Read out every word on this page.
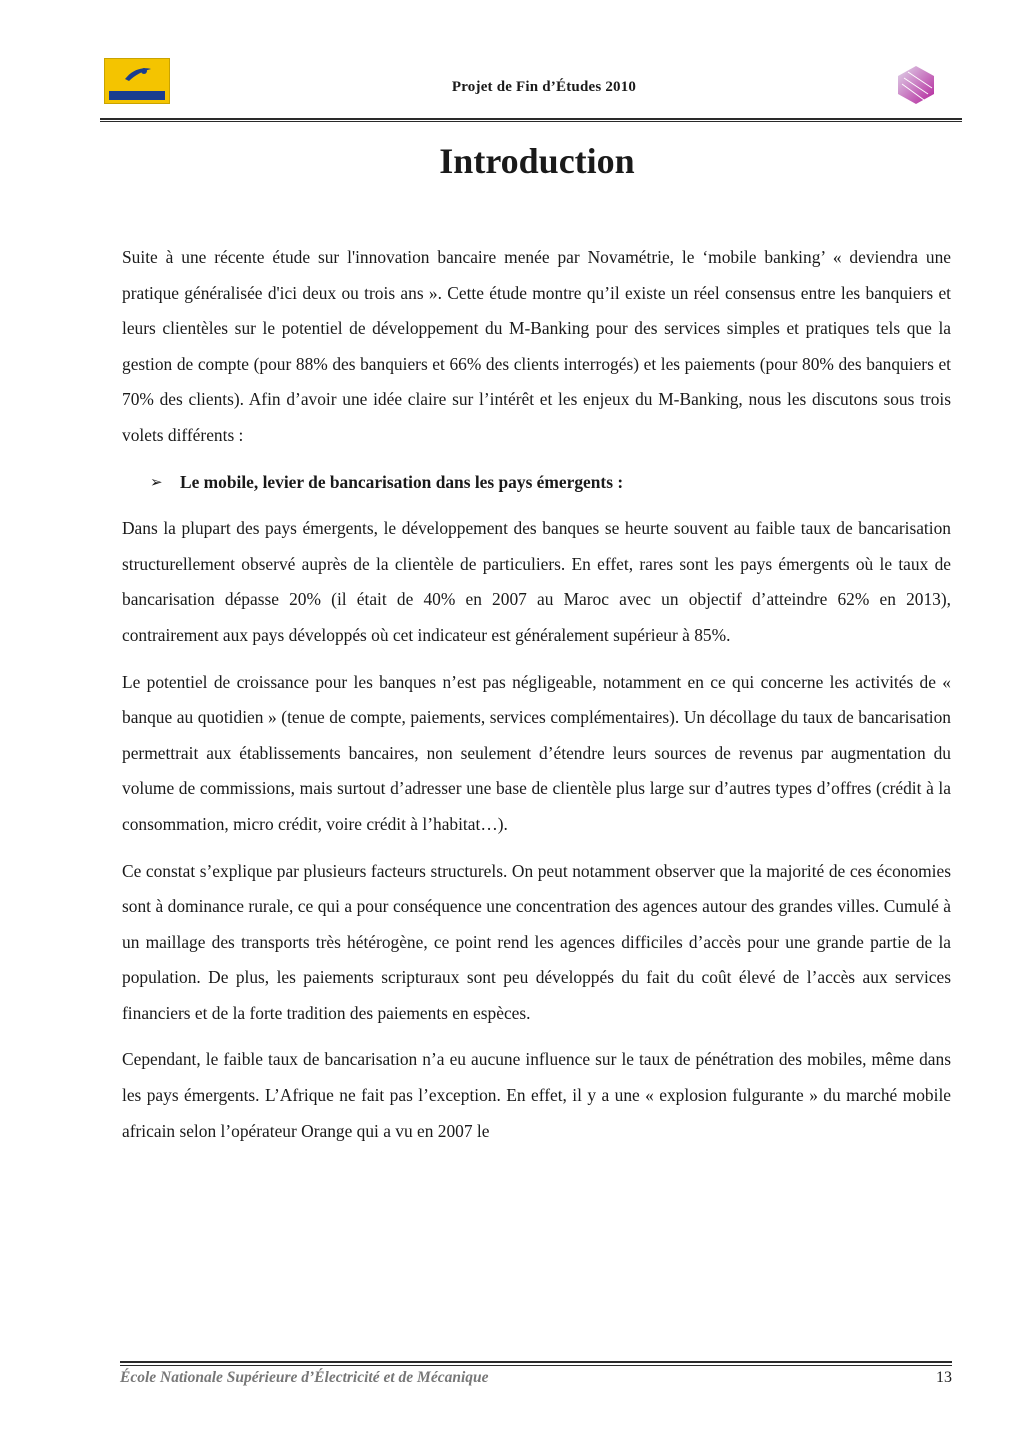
Projet de Fin d’Études 2010
Introduction

Suite à une récente étude sur l'innovation bancaire menée par Novamétrie, le ‘mobile banking’ « deviendra une pratique généralisée d'ici deux ou trois ans ». Cette étude montre qu’il existe un réel consensus entre les banquiers et leurs clientèles sur le potentiel de développement du M-Banking pour des services simples et pratiques tels que la gestion de compte (pour 88% des banquiers et 66% des clients interrogés) et les paiements (pour 80% des banquiers et 70% des clients). Afin d’avoir une idée claire sur l’intérêt et les enjeux du M-Banking, nous les discutons sous trois volets différents :

➢ Le mobile, levier de bancarisation dans les pays émergents :

Dans la plupart des pays émergents, le développement des banques se heurte souvent au faible taux de bancarisation structurellement observé auprès de la clientèle de particuliers. En effet, rares sont les pays émergents où le taux de bancarisation dépasse 20% (il était de 40% en 2007 au Maroc avec un objectif d’atteindre 62% en 2013), contrairement aux pays développés où cet indicateur est généralement supérieur à 85%.

Le potentiel de croissance pour les banques n’est pas négligeable, notamment en ce qui concerne les activités de « banque au quotidien » (tenue de compte, paiements, services complémentaires). Un décollage du taux de bancarisation permettrait aux établissements bancaires, non seulement d’étendre leurs sources de revenus par augmentation du volume de commissions, mais surtout d’adresser une base de clientèle plus large sur d’autres types d’offres (crédit à la consommation, micro crédit, voire crédit à l’habitat…).

Ce constat s’explique par plusieurs facteurs structurels. On peut notamment observer que la majorité de ces économies sont à dominance rurale, ce qui a pour conséquence une concentration des agences autour des grandes villes. Cumulé à un maillage des transports très hétérogène, ce point rend les agences difficiles d’accès pour une grande partie de la population. De plus, les paiements scripturaux sont peu développés du fait du coût élevé de l’accès aux services financiers et de la forte tradition des paiements en espèces.

Cependant, le faible taux de bancarisation n’a eu aucune influence sur le taux de pénétration des mobiles, même dans les pays émergents. L’Afrique ne fait pas l’exception. En effet, il y a une « explosion fulgurante » du marché mobile africain selon l’opérateur Orange qui a vu en 2007 le

École Nationale Supérieure d’Électricité et de Mécanique	13
